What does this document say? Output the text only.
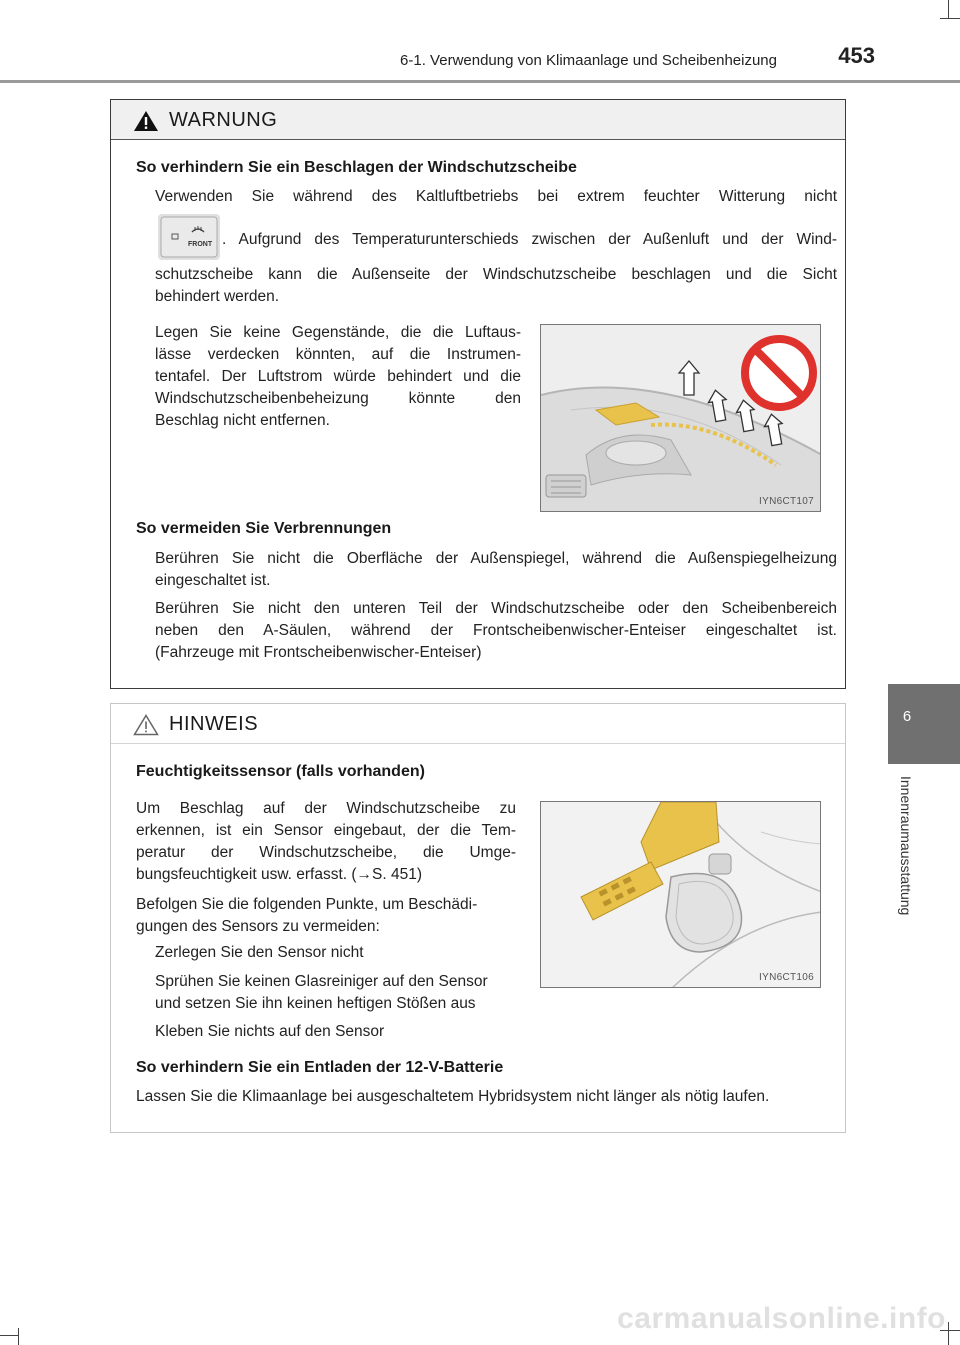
6-1. Verwendung von Klimaanlage und Scheibenheizung	453
6
Innenraumausstattung
WARNUNG
So verhindern Sie ein Beschlagen der Windschutzscheibe
Verwenden Sie während des Kaltluftbetriebs bei extrem feuchter Witterung nicht
FRONT . Aufgrund des Temperaturunterschieds zwischen der Außenluft und der Wind-
schutzscheibe kann die Außenseite der Windschutzscheibe beschlagen und die Sicht
behindert werden.
Legen Sie keine Gegenstände, die die Luftaus-
lässe verdecken könnten, auf die Instrumen-
tentafel. Der Luftstrom würde behindert und die
Windschutzscheibenbeheizung könnte den
Beschlag nicht entfernen.
IYN6CT107
So vermeiden Sie Verbrennungen
Berühren Sie nicht die Oberfläche der Außenspiegel, während die Außenspiegelheizung
eingeschaltet ist.
Berühren Sie nicht den unteren Teil der Windschutzscheibe oder den Scheibenbereich
neben den A-Säulen, während der Frontscheibenwischer-Enteiser eingeschaltet ist.
(Fahrzeuge mit Frontscheibenwischer-Enteiser)
HINWEIS
Feuchtigkeitssensor (falls vorhanden)
Um Beschlag auf der Windschutzscheibe zu
erkennen, ist ein Sensor eingebaut, der die Tem-
peratur der Windschutzscheibe, die Umge-
bungsfeuchtigkeit usw. erfasst. (→S. 451)
Befolgen Sie die folgenden Punkte, um Beschädi-
gungen des Sensors zu vermeiden:
Zerlegen Sie den Sensor nicht
Sprühen Sie keinen Glasreiniger auf den Sensor
und setzen Sie ihn keinen heftigen Stößen aus
Kleben Sie nichts auf den Sensor
IYN6CT106
So verhindern Sie ein Entladen der 12-V-Batterie
Lassen Sie die Klimaanlage bei ausgeschaltetem Hybridsystem nicht länger als nötig laufen.
carmanualsonline.info
